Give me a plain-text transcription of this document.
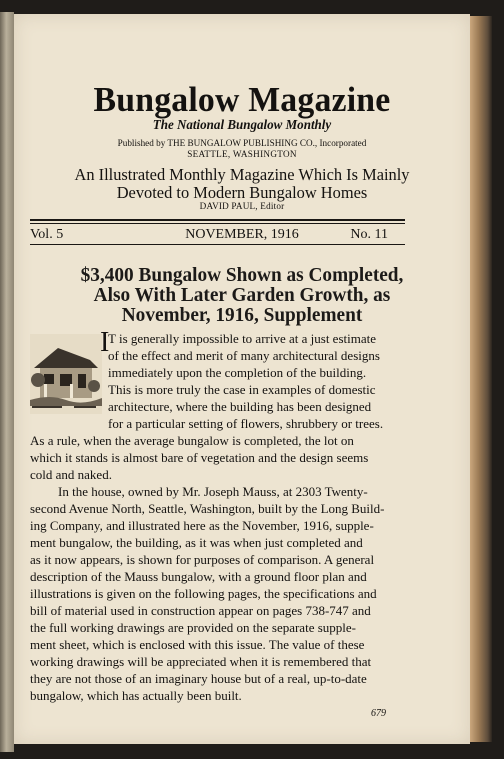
Bungalow Magazine
The National Bungalow Monthly
Published by THE BUNGALOW PUBLISHING CO., Incorporated
SEATTLE, WASHINGTON
An Illustrated Monthly Magazine Which Is Mainly
Devoted to Modern Bungalow Homes
DAVID PAUL, Editor
Vol. 5	NOVEMBER, 1916	No. 11
$3,400 Bungalow Shown as Completed,
Also With Later Garden Growth, as
November, 1916, Supplement
I
T is generally impossible to arrive at a just estimate
of the effect and merit of many architectural designs
immediately upon the completion of the building.
This is more truly the case in examples of domestic
architecture, where the building has been designed
for a particular setting of flowers, shrubbery or trees.
As a rule, when the average bungalow is completed, the lot on
which it stands is almost bare of vegetation and the design seems
cold and naked.
In the house, owned by Mr. Joseph Mauss, at 2303 Twenty-
second Avenue North, Seattle, Washington, built by the Long Build-
ing Company, and illustrated here as the November, 1916, supple-
ment bungalow, the building, as it was when just completed and
as it now appears, is shown for purposes of comparison. A general
description of the Mauss bungalow, with a ground floor plan and
illustrations is given on the following pages, the specifications and
bill of material used in construction appear on pages 738-747 and
the full working drawings are provided on the separate supple-
ment sheet, which is enclosed with this issue. The value of these
working drawings will be appreciated when it is remembered that
they are not those of an imaginary house but of a real, up-to-date
bungalow, which has actually been built.
679
